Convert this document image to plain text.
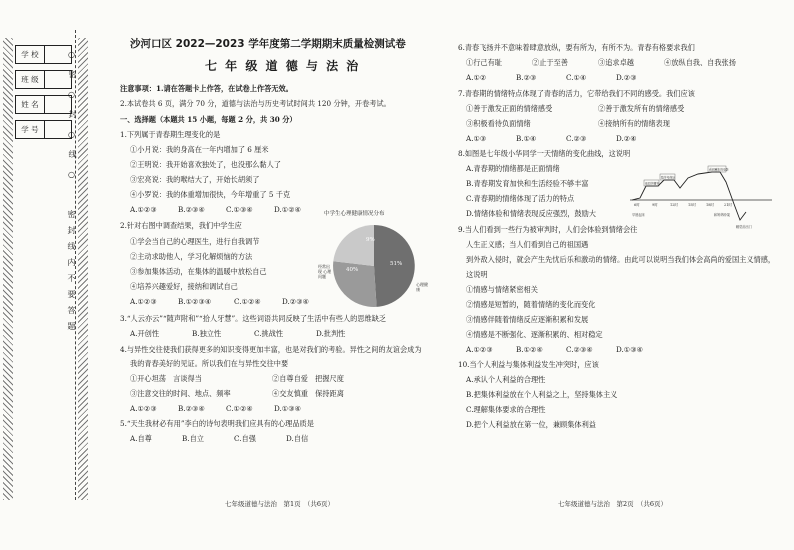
学 校
班 级
姓 名
学 号
○
密
○
封
○
线
○
密封线内不要答题
沙河口区 2022—2023 学年度第二学期期末质量检测试卷
七 年 级 道 德 与 法 治
注意事项：1.请在答题卡上作答，在试卷上作答无效。
2.本试卷共 6 页，满分 70 分，道德与法治与历史考试时间共 120 分钟，开卷考试。
一、选择题（本题共 15 小题，每题 2 分，共 30 分）
1.下列属于青春期生理变化的是
①小月说：我的身高在一年内增加了 6 厘米
②王明说：我开始喜欢独处了，也没那么黏人了
③宏亮说：我的喉结大了，开始长胡须了
④小罗说：我的体重增加很快，今年增重了 5 千克
A.①②③	B.②③④	C.①③④	D.①②④
2.针对右图中调查结果，我们中学生应
①学会当自己的心理医生，进行自我调节
②主动求助他人，学习化解烦恼的方法
③参加集体活动，在集体的温暖中放松自己
④培养兴趣爱好，接纳和调试自己
A.①②③	B.①②③④	C.①②④	D.②③④
中学生心理健康情况分布
9%
40%
51%
经常出现 心理问题
心理健康
3.“人云亦云”“随声附和”“拾人牙慧”。这些词语共同反映了生活中有些人的思维缺乏
A.开创性	B.独立性	C.挑战性	D.批判性
4.与异性交往使我们获得更多的知识变得更加丰富，也是对我们的考验。异性之间的友谊会成为
我的青春美好的见证。所以我们在与异性交往中要
①开心坦荡　言谈得当	②自尊自爱　把握尺度
③注意交往的时间、地点、频率	④交友慎重　保持距离
A.①②③	B.②③④	C.①②④	D.①③④
5.“天生我材必有用”李白的诗句表明我们应具有的心理品质是
A.自尊	B.自立	C.自强	D.自信
七年级道德与法治　第1页　（共6页）
6.青春飞扬并不意味着肆意放纵，要有所为，有所不为。青春有格要求我们
①行己有耻	②止于至善	③追求卓越	④放纵自我、自我张扬
A.①②	B.②③	C.①④	D.②③
7.青春期的情绪特点体现了青春的活力，它带给我们不同的感受。我们应该
①善于激发正面的情绪感受	②善于激发所有的情绪感受
③积极看待负面情绪	④接纳所有的情绪表现
A.①③	B.①④	C.②③	D.②④
8.如图是七年级小华同学一天情绪的变化曲线，这说明
A.青春期的情绪都是正面情绪
B.青春期发育加快和生活经验不够丰富
C.青春期的情绪体现了活力的特点
D.情绪体验和情绪表现反应强烈，鼓励大
6时	9时	12时	15时	18时	21时
早晨起床
被同学嘲笑
数学考得好
看到精彩的电影
和妈妈吵架
睡觉前出门
9.当人们看到一些行为被审判时，人们会体验到情绪会往
人生正义感；当人们看到自己的祖国遇
到外敌入侵时，就会产生先忧后乐和激动的情绪。由此可以说明当我们体会高尚的爱国主义情感，
这说明
①情感与情绪紧密相关
②情感是短暂的，随着情绪的变化而变化
③情感伴随着情绪反应逐渐积累和发展
④情感是不断强化、逐渐积累的、相对稳定
A.①②③	B.①②④	C.②③④	D.①③④
10.当个人利益与集体利益发生冲突时，应该
A.承认个人利益的合理性
B.把集体利益放在个人利益之上，坚持集体主义
C.理解集体要求的合理性
D.把个人利益放在第一位，兼顾集体利益
七年级道德与法治　第2页　（共6页）
